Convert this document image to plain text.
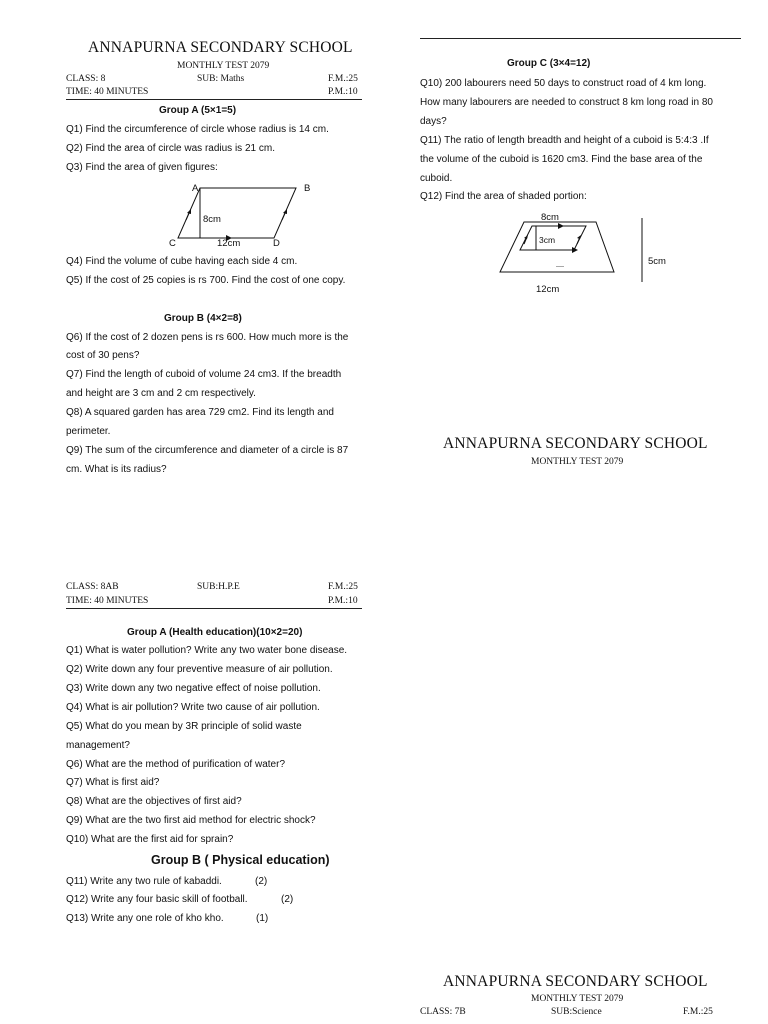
ANNAPURNA SECONDARY SCHOOL
MONTHLY TEST 2079
CLASS: 8	SUB: Maths	F.M.:25
TIME: 40 MINUTES	P.M.:10
Group A (5×1=5)
Q1) Find the circumference of circle whose radius is 14 cm.
Q2) Find the area of circle was radius is 21 cm.
Q3) Find the area of given figures:
A	B
C	D
8cm
12cm
Q4) Find the volume of cube having each side 4 cm.
Q5) If the cost of 25 copies is rs 700. Find the cost of one copy.
Group B (4×2=8)
Q6) If the cost of 2 dozen pens is rs 600. How much more is the
cost of 30 pens?
Q7) Find the length of cuboid of volume 24 cm3. If the breadth
and height are 3 cm and 2 cm respectively.
Q8) A squared garden has area 729 cm2. Find its length and
perimeter.
Q9) The sum of the circumference and diameter of a circle is 87
cm. What is its radius?
Group C (3×4=12)
Q10) 200 labourers need 50 days to construct road of 4 km long.
How many labourers are needed to construct 8 km long road in 80
days?
Q11) The ratio of length breadth and height of a cuboid is 5:4:3 .If
the volume of the cuboid is 1620 cm3. Find the base area of the
cuboid.
Q12) Find the area of shaded portion:
8cm
3cm
----	5cm
12cm
ANNAPURNA SECONDARY SCHOOL
MONTHLY TEST 2079
CLASS: 8AB	SUB:H.P.E	F.M.:25
TIME: 40 MINUTES	P.M.:10
Group A (Health education)(10×2=20)
Q1) What is water pollution? Write any two water bone disease.
Q2) Write down any four preventive measure of air pollution.
Q3) Write down any two negative effect of noise pollution.
Q4) What is air pollution? Write two cause of air pollution.
Q5) What do you mean by 3R principle of solid waste
management?
Q6) What are the method of purification of water?
Q7) What is first aid?
Q8) What are the objectives of first aid?
Q9) What are the two first aid method for electric shock?
Q10) What are the first aid for sprain?
Group B ( Physical education)
Q11) Write any two rule of kabaddi.	(2)
Q12) Write any four basic skill of football.	(2)
Q13) Write any one role of kho kho.	(1)
ANNAPURNA SECONDARY SCHOOL
MONTHLY TEST 2079
CLASS: 7B	SUB:Science	F.M.:25
